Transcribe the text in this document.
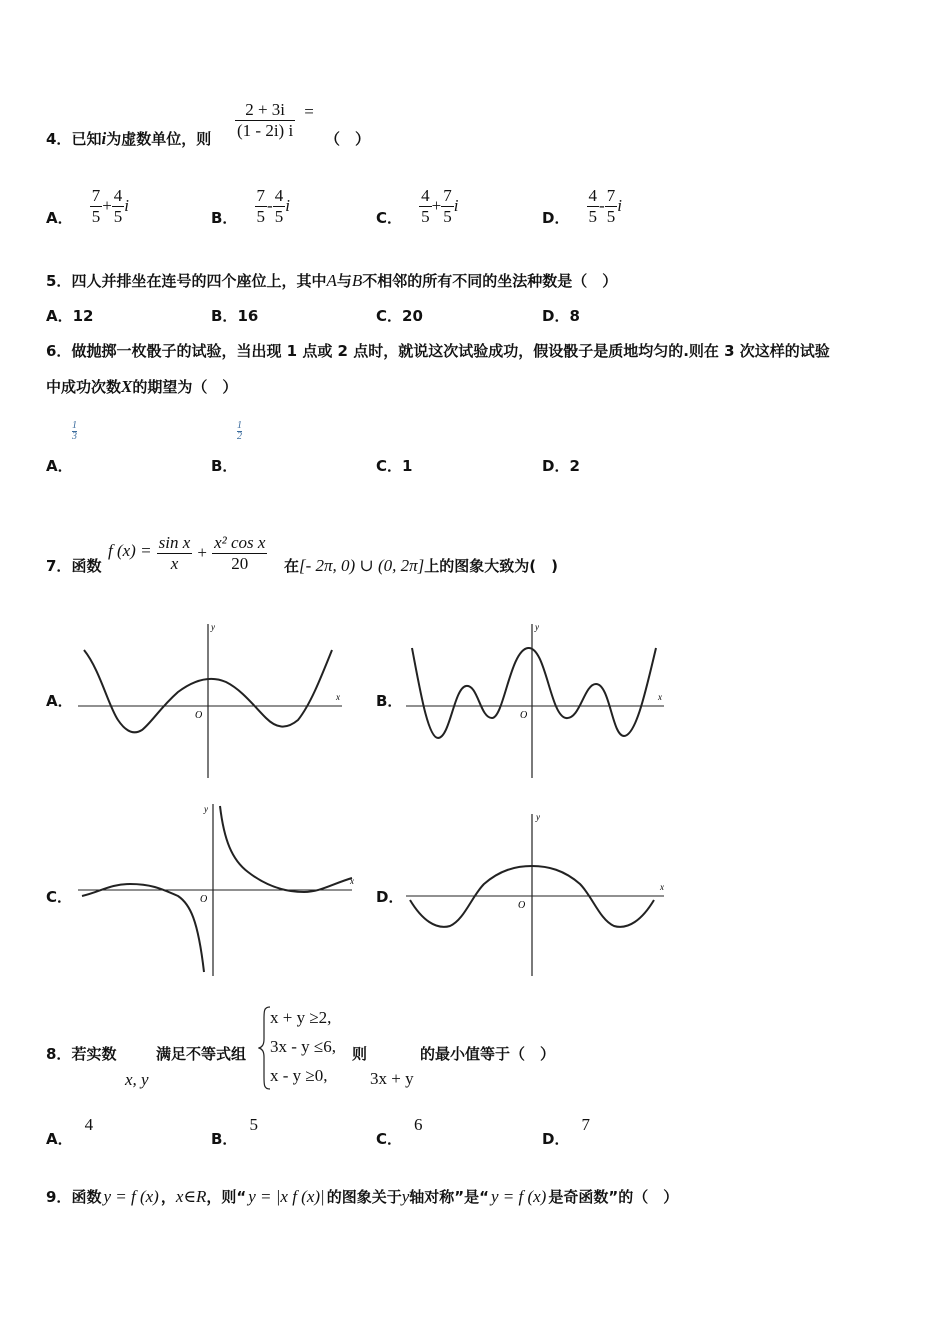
4．已知i为虚数单位，则 $\frac{2 + 3i}{(1 - 2i) i}$ =
（　）
A． $\frac{7}{5} + \frac{4}{5}$ i
B． $\frac{7}{5} - \frac{4}{5}$ i
C． $\frac{4}{5} + \frac{7}{5}$ i
D． $\frac{4}{5} - \frac{7}{5}$ i
5．四人并排坐在连号的四个座位上，其中A与B不相邻的所有不同的坐法种数是（　）
A．12	B．16	C．20	D．8
6．做抛掷一枚骰子的试验，当出现 1 点或 2 点时，就说这次试验成功，假设骰子是质地均匀的.则在 3 次这样的试验
中成功次数X的期望为（　）
$\frac{1}{3}$	$\frac{1}{2}$
A．	B．	C．1	D．2
7．函数
f $(x) = \frac{\text{sin x}}{x} + \frac{\text{x² cos x}}{20}$ 在[- 2π, 0) ∪ (0, 2π]上的图象大致为(　)
A．	B．
C．	D．
x
y
O
x
y
O
x
y
O
x
y
O
8．若实数
x, y
满足不等式组
x + y ≥2,
3x - y ≤6,
x - y ≥0,
则
3x + y
的最小值等于（　）
A．4
B．5
C．6
D．7
9．函数 y = f (x) ，x∈R，则“ y = |x f (x)| 的图象关于y轴对称”是“ y = f (x) 是奇函数”的（　）
